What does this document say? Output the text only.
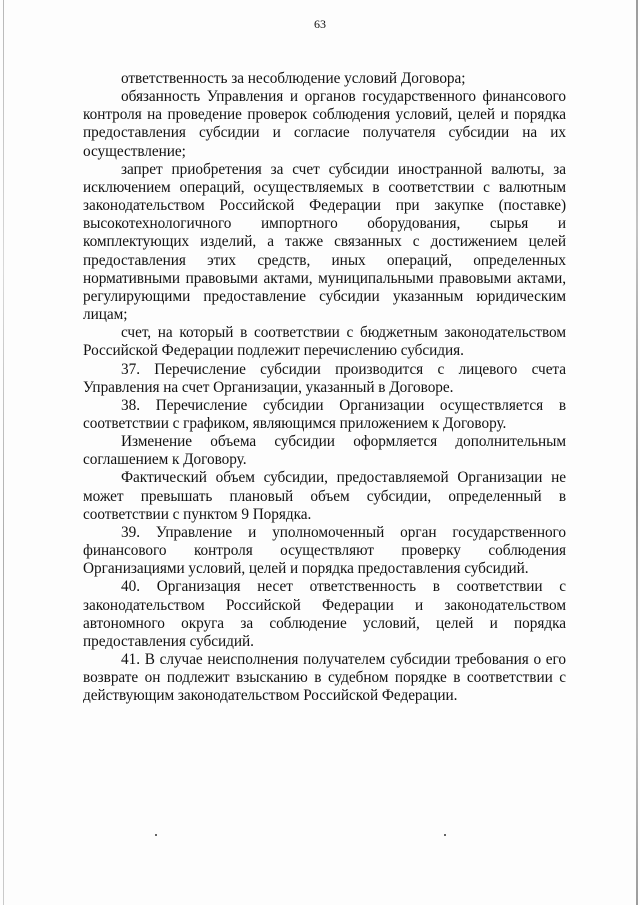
63

ответственность за несоблюдение условий Договора;

обязанность Управления и органов государственного финансового контроля на проведение проверок соблюдения условий, целей и порядка предоставления субсидии и согласие получателя субсидии на их осуществление;

запрет приобретения за счет субсидии иностранной валюты, за исключением операций, осуществляемых в соответствии с валютным законодательством Российской Федерации при закупке (поставке) высокотехнологичного импортного оборудования, сырья и комплектующих изделий, а также связанных с достижением целей предоставления этих средств, иных операций, определенных нормативными правовыми актами, муниципальными правовыми актами, регулирующими предоставление субсидии указанным юридическим лицам;

счет, на который в соответствии с бюджетным законодательством Российской Федерации подлежит перечислению субсидия.

37. Перечисление субсидии производится с лицевого счета Управления на счет Организации, указанный в Договоре.

38. Перечисление субсидии Организации осуществляется в соответствии с графиком, являющимся приложением к Договору.

Изменение объема субсидии оформляется дополнительным соглашением к Договору.

Фактический объем субсидии, предоставляемой Организации не может превышать плановый объем субсидии, определенный в соответствии с пунктом 9 Порядка.

39. Управление и уполномоченный орган государственного финансового контроля осуществляют проверку соблюдения Организациями условий, целей и порядка предоставления субсидий.

40. Организация несет ответственность в соответствии с законодательством Российской Федерации и законодательством автономного округа за соблюдение условий, целей и порядка предоставления субсидий.

41. В случае неисполнения получателем субсидии требования о его возврате он подлежит взысканию в судебном порядке в соответствии с действующим законодательством Российской Федерации.
